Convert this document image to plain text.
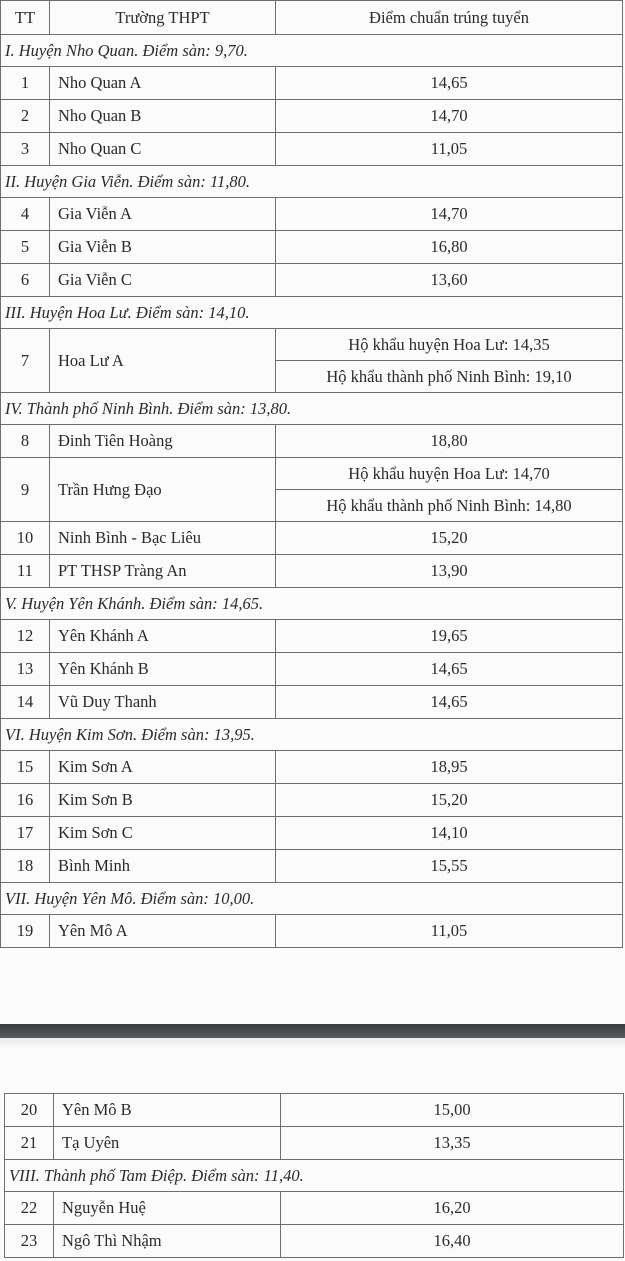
TT	Trường THPT	Điểm chuẩn trúng tuyển
I. Huyện Nho Quan. Điểm sàn: 9,70.		
1	Nho Quan A	14,65
2	Nho Quan B	14,70
3	Nho Quan C	11,05
II. Huyện Gia Viễn. Điểm sàn: 11,80.		
4	Gia Viễn A	14,70
5	Gia Viễn B	16,80
6	Gia Viễn C	13,60
III. Huyện Hoa Lư. Điểm sàn: 14,10.		
7	Hoa Lư A	Hộ khẩu huyện Hoa Lư: 14,35
		Hộ khẩu thành phố Ninh Bình: 19,10
IV. Thành phố Ninh Bình. Điểm sàn: 13,80.		
8	Đinh Tiên Hoàng	18,80
9	Trần Hưng Đạo	Hộ khẩu huyện Hoa Lư: 14,70
		Hộ khẩu thành phố Ninh Bình: 14,80
10	Ninh Bình - Bạc Liêu	15,20
11	PT THSP Tràng An	13,90
V. Huyện Yên Khánh. Điểm sàn: 14,65.		
12	Yên Khánh A	19,65
13	Yên Khánh B	14,65
14	Vũ Duy Thanh	14,65
VI. Huyện Kim Sơn. Điểm sàn: 13,95.		
15	Kim Sơn A	18,95
16	Kim Sơn B	15,20
17	Kim Sơn C	14,10
18	Bình Minh	15,55
VII. Huyện Yên Mô. Điểm sàn: 10,00.		
19	Yên Mô A	11,05
20	Yên Mô B	15,00
21	Tạ Uyên	13,35
VIII. Thành phố Tam Điệp. Điểm sàn: 11,40.		
22	Nguyễn Huệ	16,20
23	Ngô Thì Nhậm	16,40
